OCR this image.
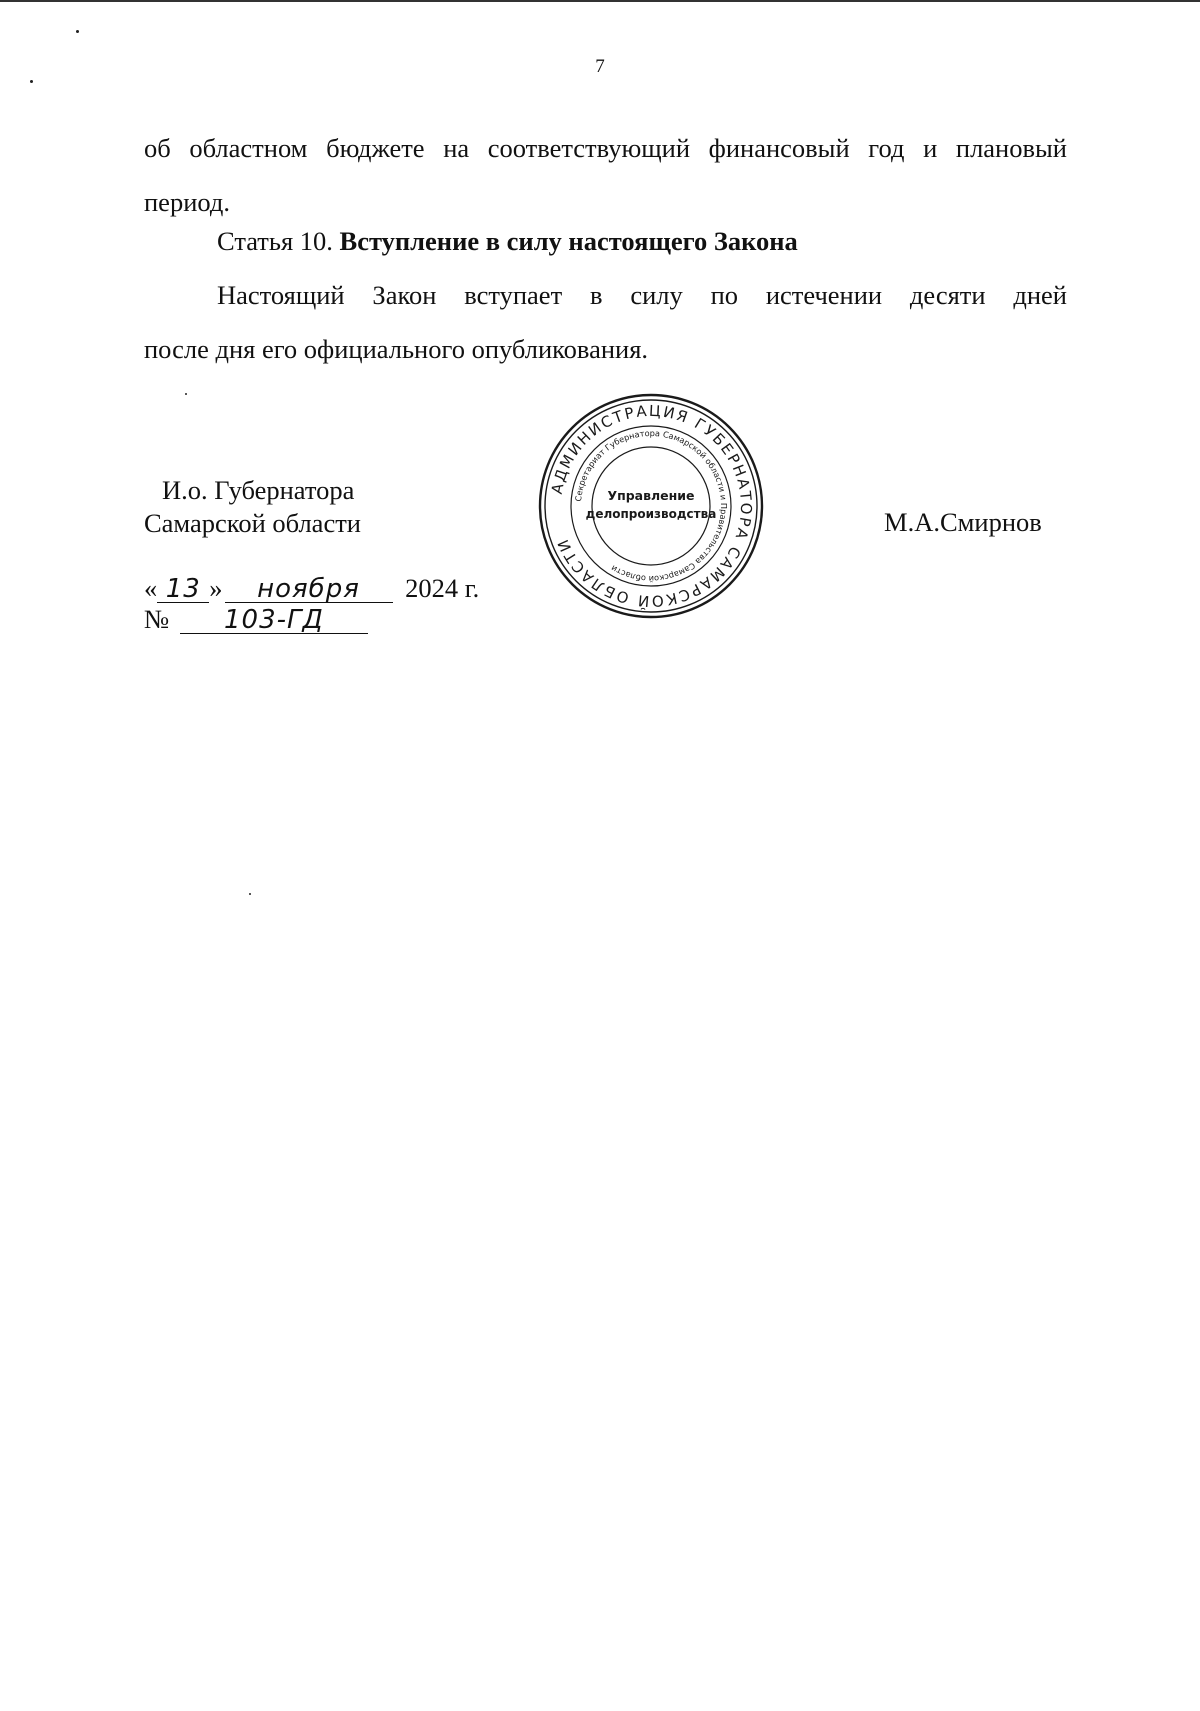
7
об областном бюджете на соответствующий финансовый год и плановый
период.
Статья 10. Вступление в силу настоящего Закона
Настоящий Закон вступает в силу по истечении десяти дней
после дня его официального опубликования.
И.о. Губернатора
Самарской области	М.А.Смирнов
« 13 » ноября 2024 г.
№ 103-ГД
АДМИНИСТРАЦИЯ ГУБЕРНАТОРА САМАРСКОЙ ОБЛАСТИ
Секретариат Губернатора Самарской области и Правительства Самарской области
Управление
делопроизводства
